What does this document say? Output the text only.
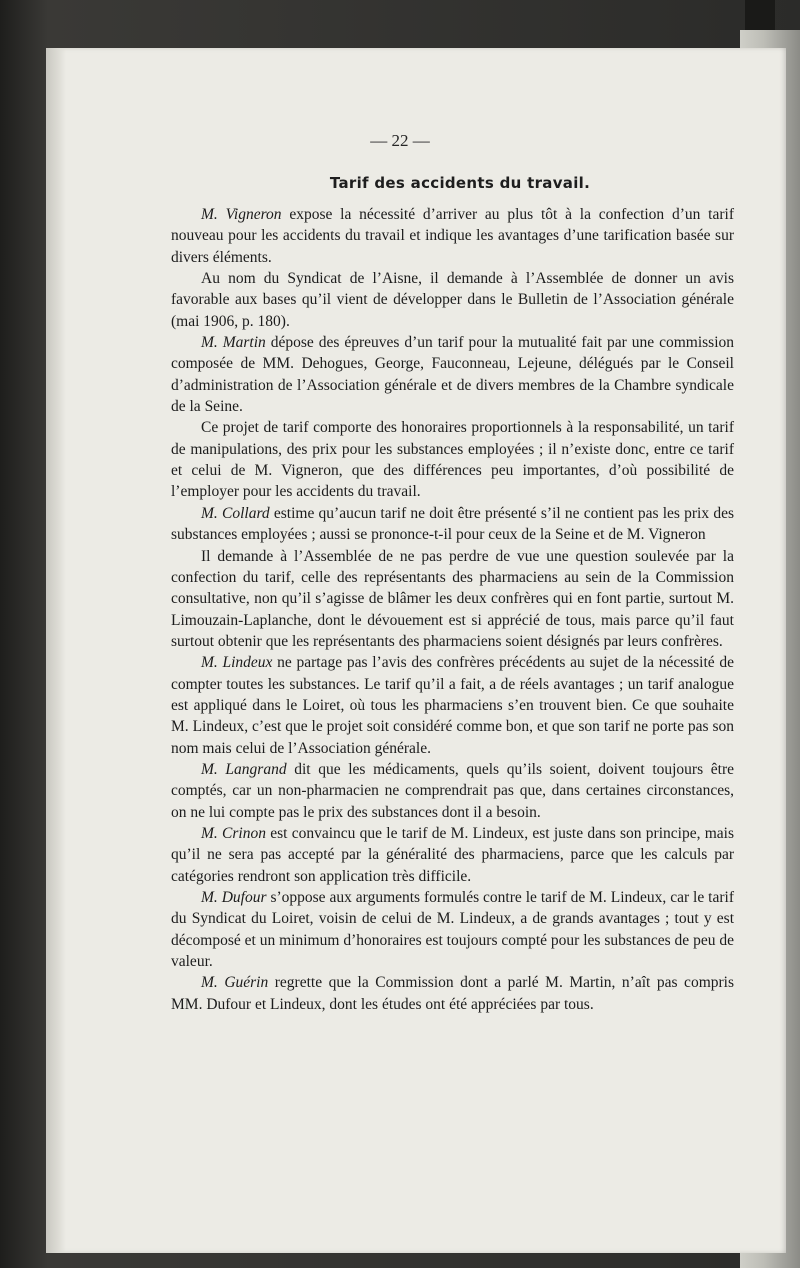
— 22 —
Tarif des accidents du travail.

M. Vigneron expose la nécessité d’arriver au plus tôt à la confection d’un tarif nouveau pour les accidents du travail et indique les avantages d’une tarification basée sur divers éléments.

Au nom du Syndicat de l’Aisne, il demande à l’Assemblée de donner un avis favorable aux bases qu’il vient de développer dans le Bulletin de l’Association générale (mai 1906, p. 180).

M. Martin dépose des épreuves d’un tarif pour la mutualité fait par une commission composée de MM. Dehogues, George, Fauconneau, Lejeune, délégués par le Conseil d’administration de l’Association générale et de divers membres de la Chambre syndicale de la Seine.

Ce projet de tarif comporte des honoraires proportionnels à la responsabilité, un tarif de manipulations, des prix pour les substances employées ; il n’existe donc, entre ce tarif et celui de M. Vigneron, que des différences peu importantes, d’où possibilité de l’employer pour les accidents du travail.

M. Collard estime qu’aucun tarif ne doit être présenté s’il ne contient pas les prix des substances employées ; aussi se prononce-t-il pour ceux de la Seine et de M. Vigneron

Il demande à l’Assemblée de ne pas perdre de vue une question soulevée par la confection du tarif, celle des représentants des pharmaciens au sein de la Commission consultative, non qu’il s’agisse de blâmer les deux confrères qui en font partie, surtout M. Limouzain-Laplanche, dont le dévouement est si apprécié de tous, mais parce qu’il faut surtout obtenir que les représentants des pharmaciens soient désignés par leurs confrères.

M. Lindeux ne partage pas l’avis des confrères précédents au sujet de la nécessité de compter toutes les substances. Le tarif qu’il a fait, a de réels avantages ; un tarif analogue est appliqué dans le Loiret, où tous les pharmaciens s’en trouvent bien. Ce que souhaite M. Lindeux, c’est que le projet soit considéré comme bon, et que son tarif ne porte pas son nom mais celui de l’Association générale.

M. Langrand dit que les médicaments, quels qu’ils soient, doivent toujours être comptés, car un non-pharmacien ne comprendrait pas que, dans certaines circonstances, on ne lui compte pas le prix des substances dont il a besoin.

M. Crinon est convaincu que le tarif de M. Lindeux, est juste dans son principe, mais qu’il ne sera pas accepté par la généralité des pharmaciens, parce que les calculs par catégories rendront son application très difficile.

M. Dufour s’oppose aux arguments formulés contre le tarif de M. Lindeux, car le tarif du Syndicat du Loiret, voisin de celui de M. Lindeux, a de grands avantages ; tout y est décomposé et un minimum d’honoraires est toujours compté pour les substances de peu de valeur.

M. Guérin regrette que la Commission dont a parlé M. Martin, n’aît pas compris MM. Dufour et Lindeux, dont les études ont été appréciées par tous.
